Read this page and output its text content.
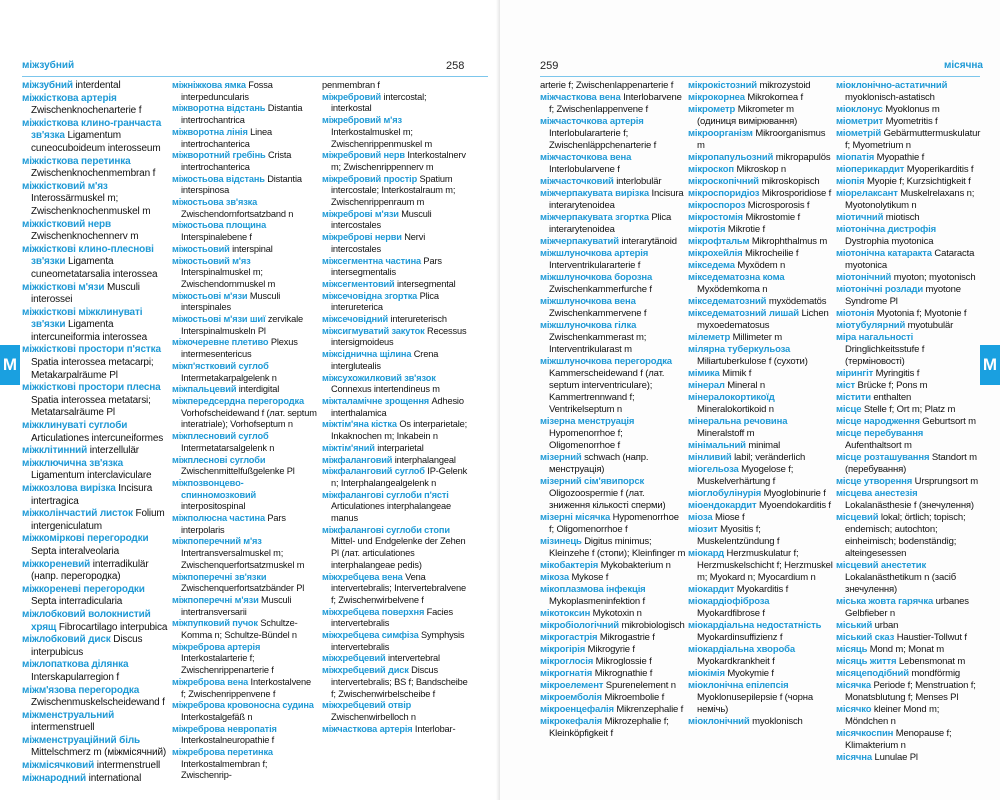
міжзубний	258

міжзубний interdental

міжкісткова артерія Zwischenknochenarterie f

міжкісткова клино-гранчаста зв'язка Ligamentum cuneocuboideum interosseum

міжкісткова перетинка Zwischenknochenmembran f

міжкістковий м'яз Interossärmuskel m; Zwischenknochenmuskel m

міжкістковий нерв Zwischenknochennerv m

міжкісткові клино-плеснові зв'язки Ligamenta cuneometatarsalia interossea

міжкісткові м'язи Musculi interossei

міжкісткові міжклинуваті зв'язки Ligamenta intercuneiformia interossea

міжкісткові простори п'ястка Spatia interossea metacarpi; Metakarpalräume Pl

міжкісткові простори плесна Spatia interossea metatarsi; Metatarsalräume Pl

міжклинуваті суглоби Articulationes intercuneiformes

міжклітинний interzellulär

міжключична зв'язка Ligamentum interclaviculare

міжкозлова вирізка Incisura intertragica

міжколінчастий листок Folium intergeniculatum

міжкоміркові перегородки Septa interalveolaria

міжкореневий interradikulär (напр. перегородка)

міжкореневі перегородки Septa interradicularia

міжлобковий волокнистий хрящ Fibrocartilago interpubica

міжлобковий диск Discus interpubicus

міжлопаткова ділянка Interskapularregion f

міжм'язова перегородка Zwischenmuskelscheidewand f

міжменструальний intermenstruell

міжменструаційний біль Mittelschmerz m (міжмісячний)

міжмісячковий intermenstruell

міжнародний international

міжніжкова ямка Fossa interpeduncularis

міжворотна відстань Distantia intertrochantrica

міжворотна лінія Linea intertrochanterica

міжворотний гребінь Crista intertrochanterica

міжостьова відстань Distantia interspinosa

міжостьова зв'язка Zwischendornfortsatzband n

міжостьова площина Interspinalebene f

міжостьовий interspinal

міжостьовий м'яз Interspinalmuskel m; Zwischendornmuskel m

міжостьові м'язи Musculi interspinales

міжостьові м'язи шиї zervikale Interspinalmuskeln Pl

міжочеревне плетиво Plexus intermesentericus

міжп'ястковий суглоб Intermetakarpalgelenk n

міжпальцевий interdigital

міжпередсердна перегородка Vorhofscheidewand f (лат. septum interatriale); Vorhofseptum n

міжплесновий суглоб Intermetatarsalgelenk n

міжплеснові суглоби Zwischenmittelfußgelenke Pl

міжпозвонцево-спинномозковий interpositospinal

міжполюсна частина Pars interpolaris

міжпоперечний м'яз Intertransversalmuskel m; Zwischenquerfortsatzmuskel m

міжпоперечні зв'язки Zwischenquerfortsatzbänder Pl

міжпоперечні м'язи Musculi intertransversarii

міжпупковий пучок Schultze-Komma n; Schultze-Bündel n

міжреброва артерія Interkostalarterie f; Zwischenrippenarterie f

міжреброва вена Interkostalvene f; Zwischenrippenvene f

міжреброва кровоносна судина Interkostalgefäß n

міжреброва невропатія Interkostalneuropathie f

міжреброва перетинка Interkostalmembran f; Zwischenrip-

penmembran f

міжребровий intercostal; interkostal

міжребровий м'яз Interkostalmuskel m; Zwischenrippenmuskel m

міжребровий нерв Interkostalnerv m; Zwischenrippennerv m

міжребровий простір Spatium intercostale; Interkostalraum m; Zwischenrippenraum m

міжреброві м'язи Musculi intercostales

міжреброві нерви Nervi intercostales

міжсегментна частина Pars intersegmentalis

міжсегментовий intersegmental

міжсечовідна згортка Plica interureterica

міжсечовідний interureterisch

міжсигмуватий закуток Recessus intersigmoideus

міжсіднична щілина Crena interglutealis

міжсухожилковий зв'язок Connexus intertendineus m

міжталамічне зрощення Adhesio interthalamica

міжтім'яна кістка Os interparietale; Inkaknochen m; Inkabein n

міжтім'яний interparietal

міжфаланговий interphalangeal

міжфаланговий суглоб IP-Gelenk n; Interphalangealgelenk n

міжфалангові суглоби п'ясті Articulationes interphalangeae manus

міжфалангові суглоби стопи Mittel- und Endgelenke der Zehen Pl (лат. articulationes interphalangeae pedis)

міжхребцева вена Vena intervertebralis; Intervertebralvene f; Zwischenwirbelvene f

міжхребцева поверхня Facies intervertebralis

міжхребцева симфіза Symphysis intervertebralis

міжхребцевий intervertebral

міжхребцевий диск Discus intervertebralis; BS f; Bandscheibe f; Zwischenwirbelscheibe f

міжхребцевий отвір Zwischenwirbelloch n

міжчасткова артерія Interlobar-

M
259	місячна

arterie f; Zwischenlappenarterie f

міжчасткова вена Interlobarvene f; Zwischenlappenvene f

міжчасточкова артерія Interlobulararterie f; Zwischenläppchenarterie f

міжчасточкова вена Interlobularvene f

міжчасточковий interlobulär

міжчерпакувата вирізка Incisura interarytenoidea

міжчерпакувата згортка Plica interarytenoidea

міжчерпакуватий interarytänoid

міжшлуночкова артерія Interventrikulararterie f

міжшлуночкова борозна Zwischenkammerfurche f

міжшлуночкова вена Zwischenkammervene f

міжшлуночкова гілка Zwischenkammerast m; Interventrikularast m

міжшлуночкова перегородка Kammerscheidewand f (лат. septum interventriculare); Kammertrennwand f; Ventrikelseptum n

мізерна менструація Hypomenorrhoe f; Oligomenorrhoe f

мізерний schwach (напр. менструація)

мізерний сім'явипорск Oligozoospermie f (лат. зниження кількості сперми)

мізерні місячка Hypomenorrhoe f; Oligomenorrhoe f

мізинець Digitus minimus; Kleinzehe f (стопи); Kleinfinger m

мікобактерія Mykobakterium n

мікоза Mykose f

мікоплазмова інфекція Mykoplasmeninfektion f

мікотоксин Mykotoxin n

мікробіологічний mikrobiologisch

мікрогастрія Mikrogastrie f

мікрогірія Mikrogyrie f

мікроглосія Mikroglossie f

мікрогнатія Mikrognathie f

мікроелемент Spurenelement n

мікроемболія Mikroembolie f

мікроенцефалія Mikrenzephalie f

мікрокефалія Mikrozephalie f; Kleinköpfigkeit f

мікрокістозний mikrozystoid

мікрокорнеа Mikrokornea f

мікрометр Mikrometer m (одиниця вимірювання)

мікроорганізм Mikroorganismus m

мікропапульозний mikropapulös

мікроскоп Mikroskop n

мікроскопічний mikroskopisch

мікроспоридіоз Mikrosporidiose f

мікроспороз Microsporosis f

мікростомія Mikrostomie f

мікротія Mikrotie f

мікрофтальм Mikrophthalmus m

мікрохейлія Mikrocheilie f

мікседема Myxödem n

мікседематозна кома Myxödemkoma n

мікседематозний myxödematös

мікседематозний лишай Lichen myxoedematosus

мілеметр Millimeter m

мілярна туберкульоза Miliartuberkulose f (сухоти)

мімика Mimik f

мінерал Mineral n

мінералокортикоїд Mineralokortikoid n

мінеральна речовина Mineralstoff m

мінімальний minimal

мінливий labil; veränderlich

міогельоза Myogelose f; Muskelverhärtung f

міоглобулінурія Myoglobinurie f

міоендокардит Myoendokarditis f

міоза Miose f

міозит Myositis f; Muskelentzündung f

міокард Herzmuskulatur f; Herzmuskelschicht f; Herzmuskel m; Myokard n; Myocardium n

міокардит Myokarditis f

міокардіофіброза Myokardfibrose f

міокардіальна недостатність Myokardinsuffizienz f

міокардіальна хвороба Myokardkrankheit f

міокімія Myokymie f

міоклонічна епілепсія Myoklonusepilepsie f (чорна немічь)

міоклонічний myoklonisch

міоклонічно-астатичний myoklonisch-astatisch

міоклонус Myoklonus m

міометрит Myometritis f

міометрій Gebärmuttermuskulatur f; Myometrium n

міопатія Myopathie f

міоперикардит Myoperikarditis f

міопія Myopie f; Kurzsichtigkeit f

міорелаксант Muskelrelaxans n; Myotonolytikum n

міотичний miotisch

міотонічна дистрофія Dystrophia myotonica

міотонічна катаракта Cataracta myotonica

міотонічний myoton; myotonisch

міотонічні розлади myotone Syndrome Pl

міотонія Myotonia f; Myotonie f

міотубулярний myotubulär

міра нагальності Dringlichkeitsstufe f (терміновості)

мірингіт Myringitis f

міст Brücke f; Pons m

містити enthalten

місце Stelle f; Ort m; Platz m

місце народження Geburtsort m

місце перебування Aufenthaltsort m

місце розташування Standort m (перебування)

місце утворення Ursprungsort m

місцева анестезія Lokalanästhesie f (знечулення)

місцевий lokal; örtlich; topisch; endemisch; autochton; einheimisch; bodenständig; alteingesessen

місцевий анестетик Lokalanästhetikum n (засіб знечулення)

міська жовта гарячка urbanes Gelbfieber n

міський urban

міський сказ Haustier-Tollwut f

місяць Mond m; Monat m

місяць життя Lebensmonat m

місяцеподібний mondförmig

місячка Periode f; Menstruation f; Monatsblutung f; Menses Pl

місячко kleiner Mond m; Möndchen n

місячкоспин Menopause f; Klimakterium n

місячна Lunulae Pl

M
